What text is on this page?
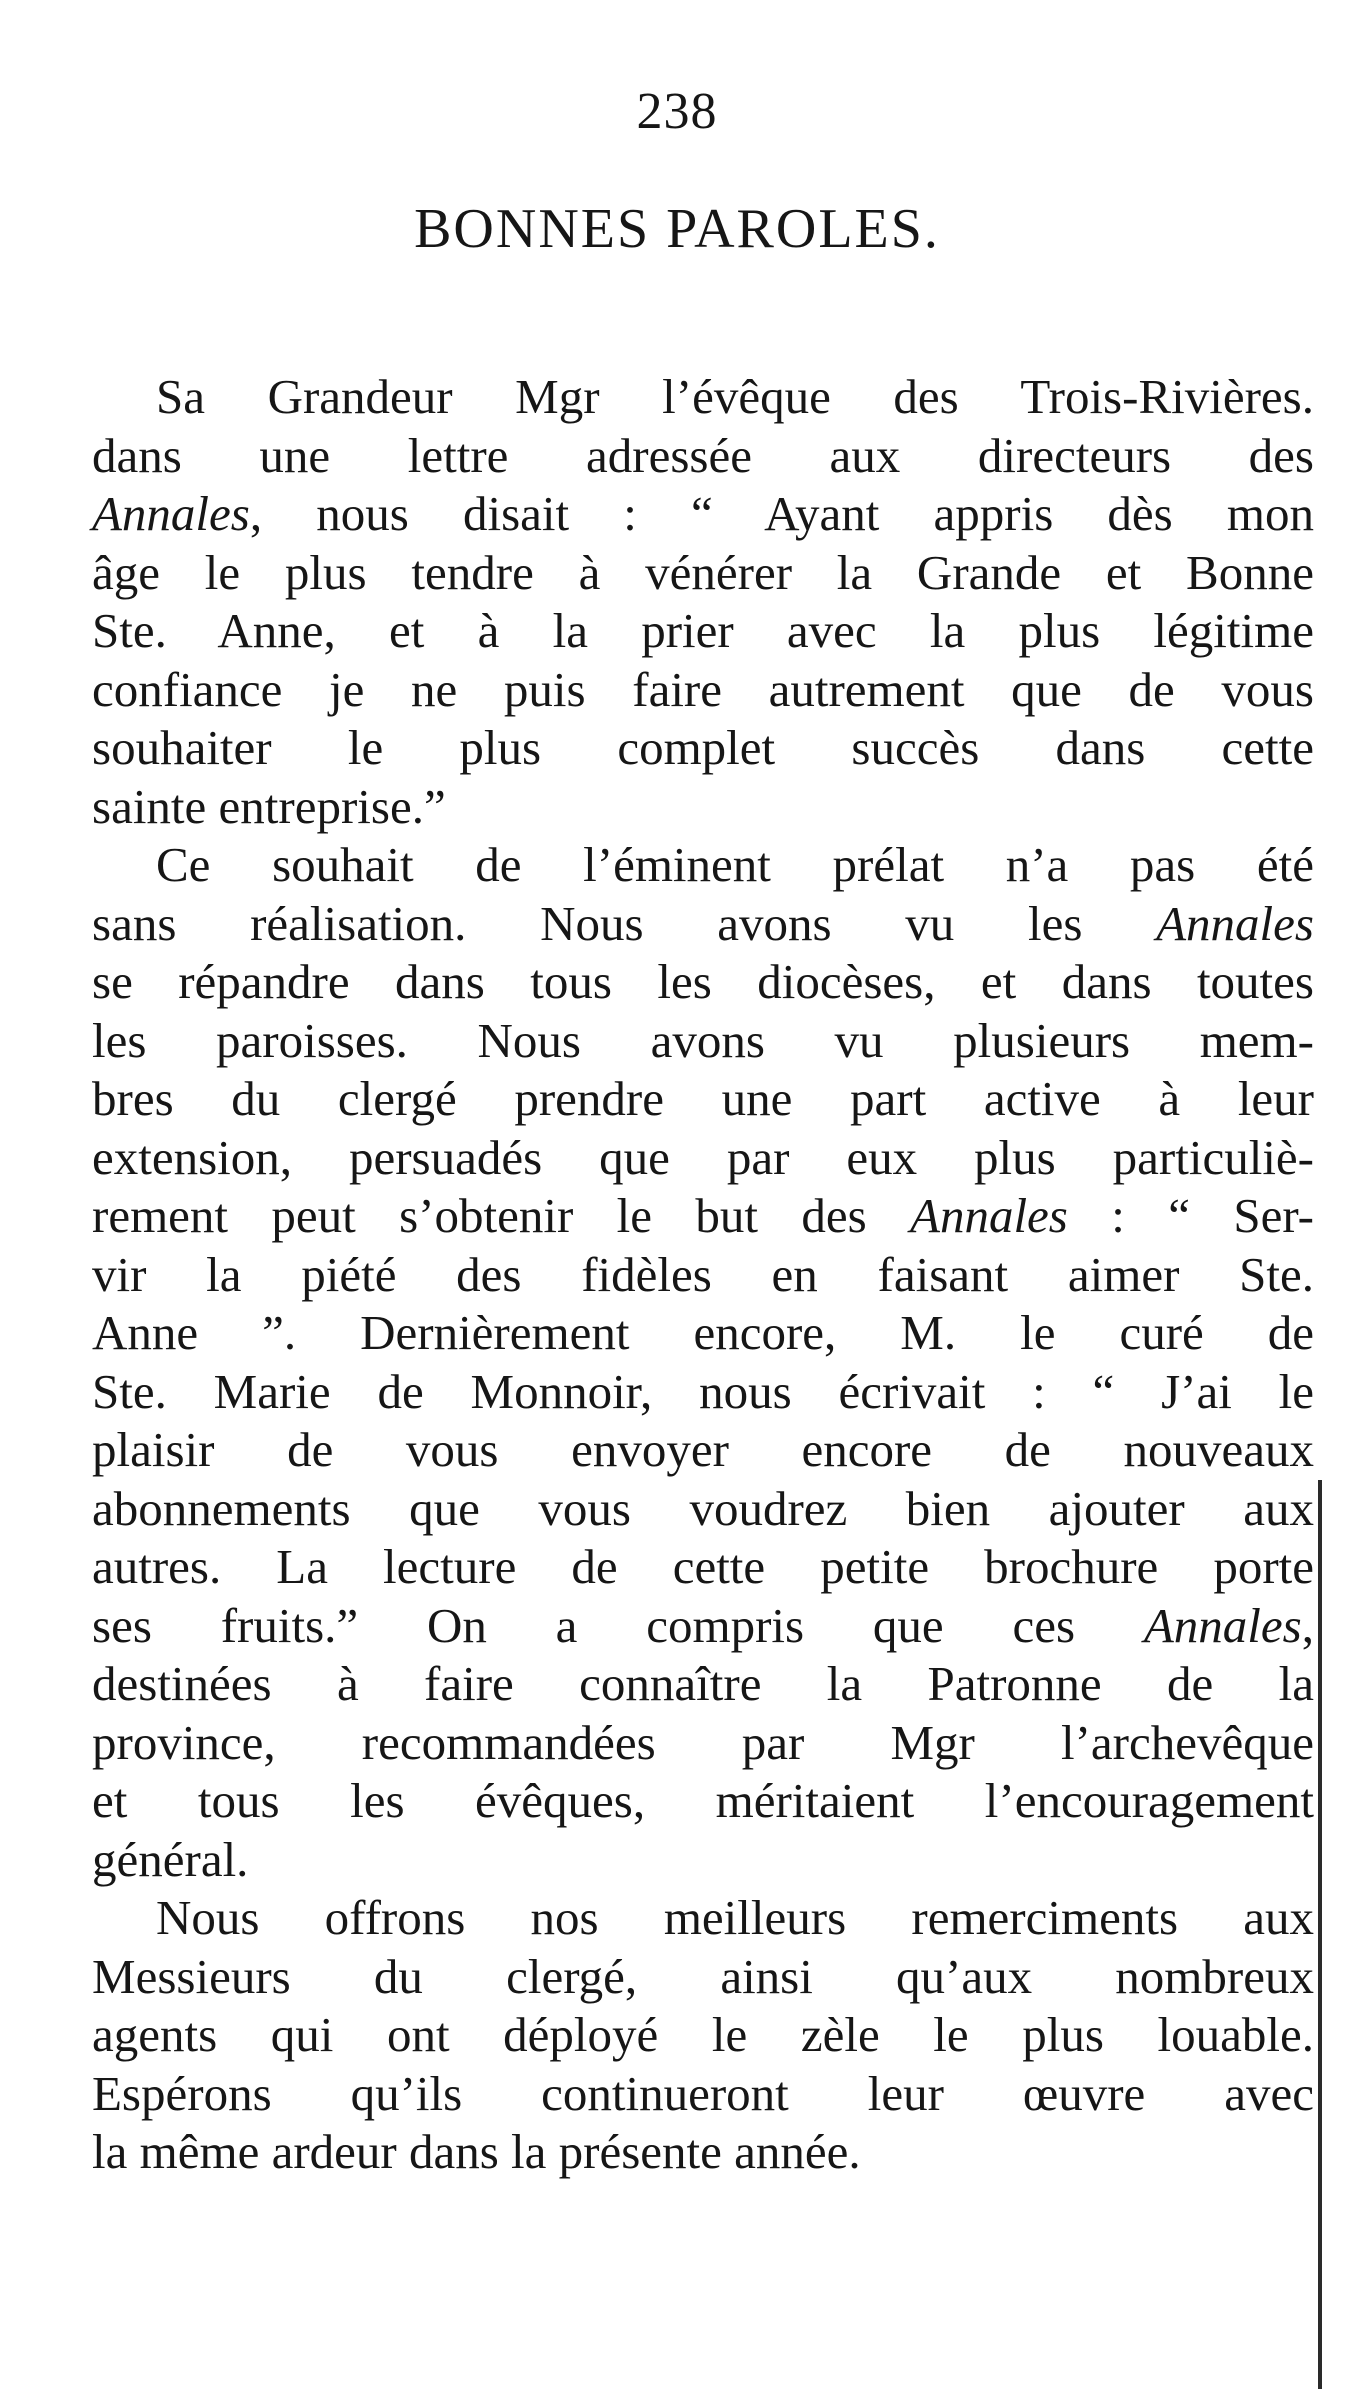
238
BONNES PAROLES.
Sa Grandeur Mgr l’évêque des Trois-Rivières.
dans une lettre adressée aux directeurs des
Annales, nous disait : “ Ayant appris dès mon
âge le plus tendre à vénérer la Grande et Bonne
Ste. Anne, et à la prier avec la plus légitime
confiance je ne puis faire autrement que de vous
souhaiter le plus complet succès dans cette
sainte entreprise.”
Ce souhait de l’éminent prélat n’a pas été
sans réalisation. Nous avons vu les Annales
se répandre dans tous les diocèses, et dans toutes
les paroisses. Nous avons vu plusieurs mem-
bres du clergé prendre une part active à leur
extension, persuadés que par eux plus particuliè-
rement peut s’obtenir le but des Annales : “ Ser-
vir la piété des fidèles en faisant aimer Ste.
Anne ”. Dernièrement encore, M. le curé de
Ste. Marie de Monnoir, nous écrivait : “ J’ai le
plaisir de vous envoyer encore de nouveaux
abonnements que vous voudrez bien ajouter aux
autres. La lecture de cette petite brochure porte
ses fruits.” On a compris que ces Annales,
destinées à faire connaître la Patronne de la
province, recommandées par Mgr l’archevêque
et tous les évêques, méritaient l’encouragement
général.
Nous offrons nos meilleurs remerciments aux
Messieurs du clergé, ainsi qu’aux nombreux
agents qui ont déployé le zèle le plus louable.
Espérons qu’ils continueront leur œuvre avec
la même ardeur dans la présente année.
